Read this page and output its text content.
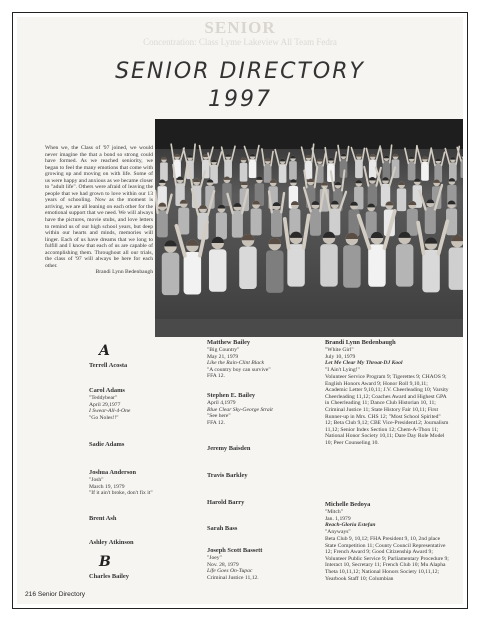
SENIOR
Concentration: Class Lyme Lakeview All Team Fedra
SENIOR DIRECTORY
1997
When we, the Class of '97 joined, we would never imagine the that a bond so strong could have formed. As we reached seniority, we began to feel the many emotions that come with growing up and moving on with life. Some of us were happy and anxious as we became closer to "adult life". Others were afraid of leaving the people that we had grown to love within our 13 years of schooling. Now as the moment is arriving, we are all leaning on each other for the emotional support that we need. We will always have the pictures, movie stubs, and love letters to remind us of our high school years, but deep within our hearts and minds, memories will linger. Each of us have dreams that we long to fulfill and I know that each of us are capable of accomplishing them. Throughout all our trials, the class of '97 will always be here for each other.
Brandi Lynn Bedenbaugh
A
Terrell Acosta
Carol Adams
"Teddybear"
April 29,1977
I Swear-All-4-One
"Go Noles!!"
Sadie Adams
Joshua Anderson
"Josh"
March 19, 1979
"If it ain't broke, don't fix it"
Brent Ash
Ashley Atkinson
B
Charles Bailey
Matthew Bailey
"Big Country"
May 21, 1979
Like the Rain-Clint Black
"A country boy can survive"
FFA 12.
Stephen E. Bailey
April 4,1979
Blue Clear Sky-George Strait
"See here"
FFA 12.
Jeremy Baisden
Travis Barkley
Harold Barry
Sarah Bass
Joseph Scott Bassett
"Joey"
Nov. 28, 1979
Life Goes On-Tupac
Criminal Justice 11,12.
Brandi Lynn Bedenbaugh
"White Girl"
July 10, 1979
Let Me Clear My Throat-DJ Kool
"I Ain't Lying!"
Volunteer Service Program 9; Tigerettes 9; CHAOS 9; English Honors Award 9; Honor Roll 9,10,11; Academic Letter 9,10,11; J.V. Cheerleading 10; Varsity Cheerleading 11,12; Coaches Award and Highest GPA in Cheerleading 11; Dance Club Historian 10, 11; Criminal Justice 11; State History Fair 10,11; First Runner-up in Mrs. CHS 12; "Most School Spirited" 12; Beta Club 9,12; CBE Vice-President12; Journalism 11,12; Senior Index Section 12; Chem-A-Thon 11; National Honor Society 10,11; Dare Day Role Model 10; Peer Counseling 10.
Michelle Bedoya
"Mitch"
Jan. 1,1979
Reach-Gloria Estefan
"Anyways"
Beta Club 9, 10,12; FHA President 9, 10, 2nd place State Competition 11; County Council Representative 12; French Award 9; Good Citizenship Award 9; Volunteer Public Service 9; Parliamentary Procedure 9; Interact 10, Secretary 11; French Club 10; Mu Alapha Theta 10,11,12; National Honors Society 10,11,12; Yearbook Staff 10; Columbian
216 Senior Directory
